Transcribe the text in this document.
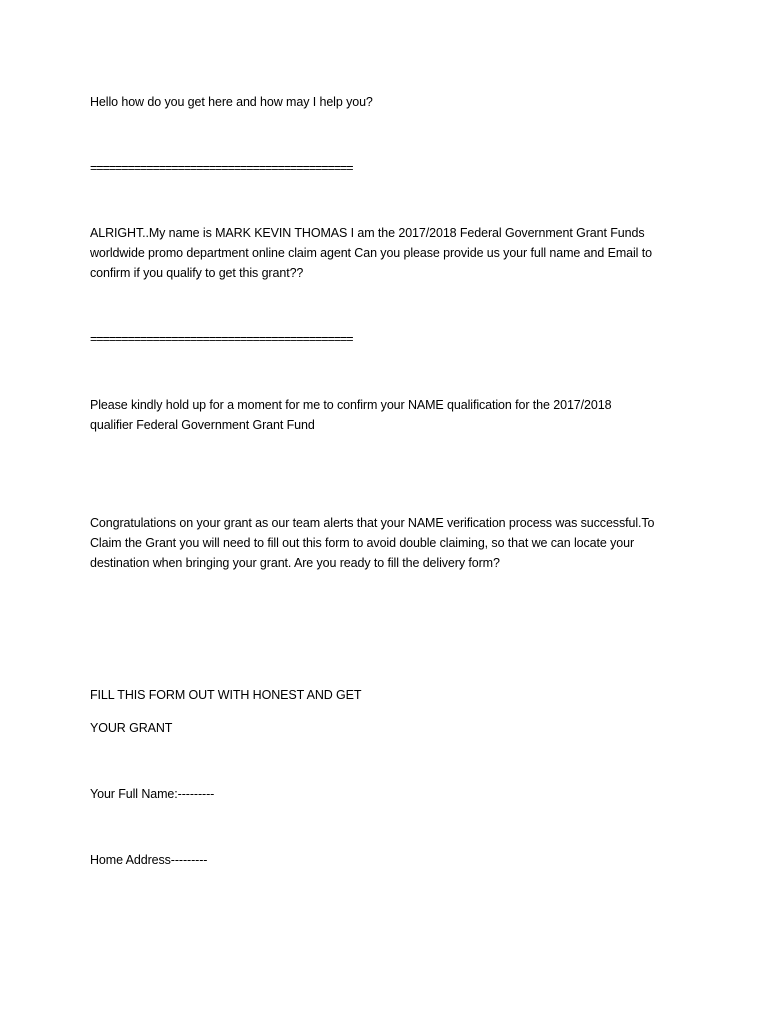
Hello how do you get here and how may I help you?
==========================================
ALRIGHT..My name is MARK KEVIN THOMAS I am the 2017/2018 Federal Government Grant Funds
worldwide promo department online claim agent Can you please provide us your full name and Email to
confirm if you qualify to get this grant??
==========================================
Please kindly hold up for a moment for me to confirm your NAME qualification for the 2017/2018
qualifier Federal Government Grant Fund
Congratulations on your grant as our team alerts that your NAME verification process was successful.To
Claim the Grant you will need to fill out this form to avoid double claiming, so that we can locate your
destination when bringing your grant. Are you ready to fill the delivery form?
FILL THIS FORM OUT WITH HONEST AND GET
YOUR GRANT
Your Full Name:---------
Home Address---------
